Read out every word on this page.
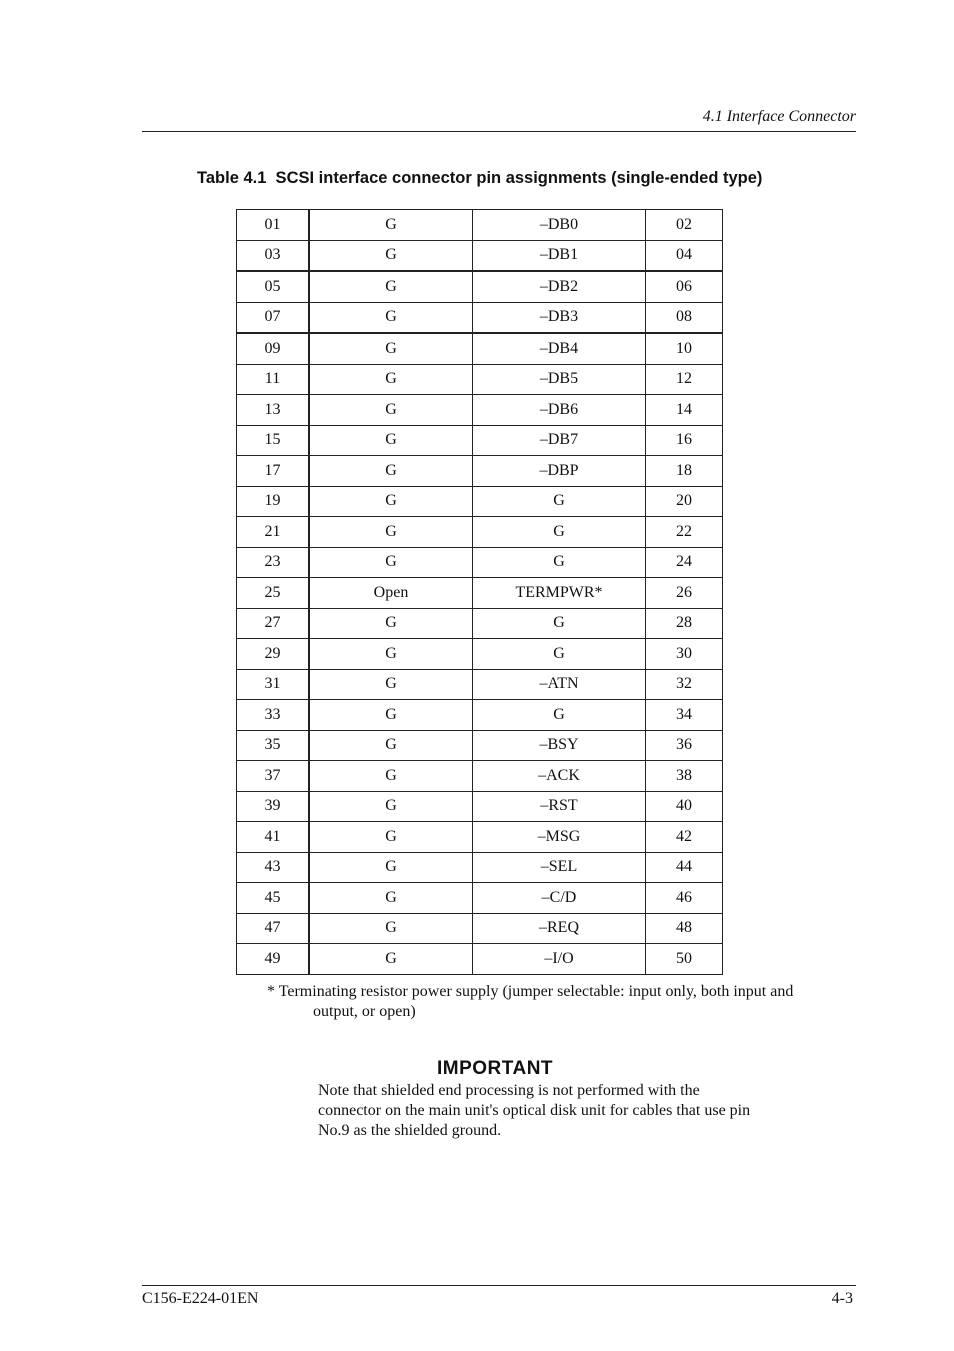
4.1 Interface Connector
Table 4.1  SCSI interface connector pin assignments (single-ended type)
01	G	–DB0	02
03	G	–DB1	04
05	G	–DB2	06
07	G	–DB3	08
09	G	–DB4	10
11	G	–DB5	12
13	G	–DB6	14
15	G	–DB7	16
17	G	–DBP	18
19	G	G	20
21	G	G	22
23	G	G	24
25	Open	TERMPWR*	26
27	G	G	28
29	G	G	30
31	G	–ATN	32
33	G	G	34
35	G	–BSY	36
37	G	–ACK	38
39	G	–RST	40
41	G	–MSG	42
43	G	–SEL	44
45	G	–C/D	46
47	G	–REQ	48
49	G	–I/O	50
* Terminating resistor power supply (jumper selectable: input only, both input and
output, or open)
IMPORTANT
Note that shielded end processing is not performed with the
connector on the main unit's optical disk unit for cables that use pin
No.9 as the shielded ground.
C156-E224-01EN	4-3
